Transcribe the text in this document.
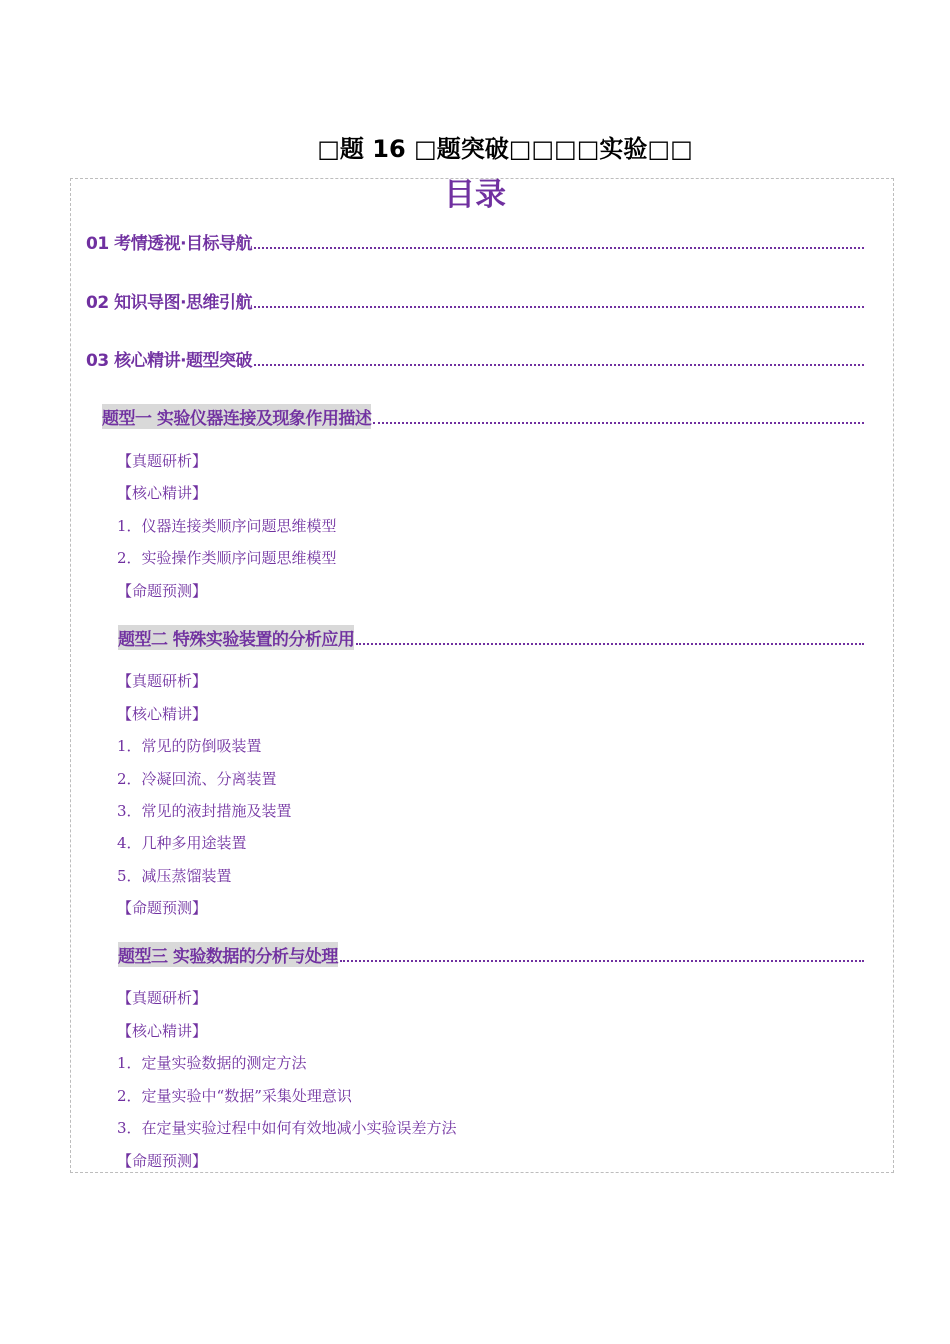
□题 16 □题突破□□□□实验□□
目录
01 考情透视·目标导航
02 知识导图·思维引航
03 核心精讲·题型突破
题型一 实验仪器连接及现象作用描述
【真题研析】
【核心精讲】
1．仪器连接类顺序问题思维模型
2．实验操作类顺序问题思维模型
【命题预测】
题型二 特殊实验装置的分析应用
【真题研析】
【核心精讲】
1．常见的防倒吸装置
2．冷凝回流、分离装置
3．常见的液封措施及装置
4．几种多用途装置
5．减压蒸馏装置
【命题预测】
题型三 实验数据的分析与处理
【真题研析】
【核心精讲】
1．定量实验数据的测定方法
2．定量实验中“数据”采集处理意识
3．在定量实验过程中如何有效地减小实验误差方法
【命题预测】
